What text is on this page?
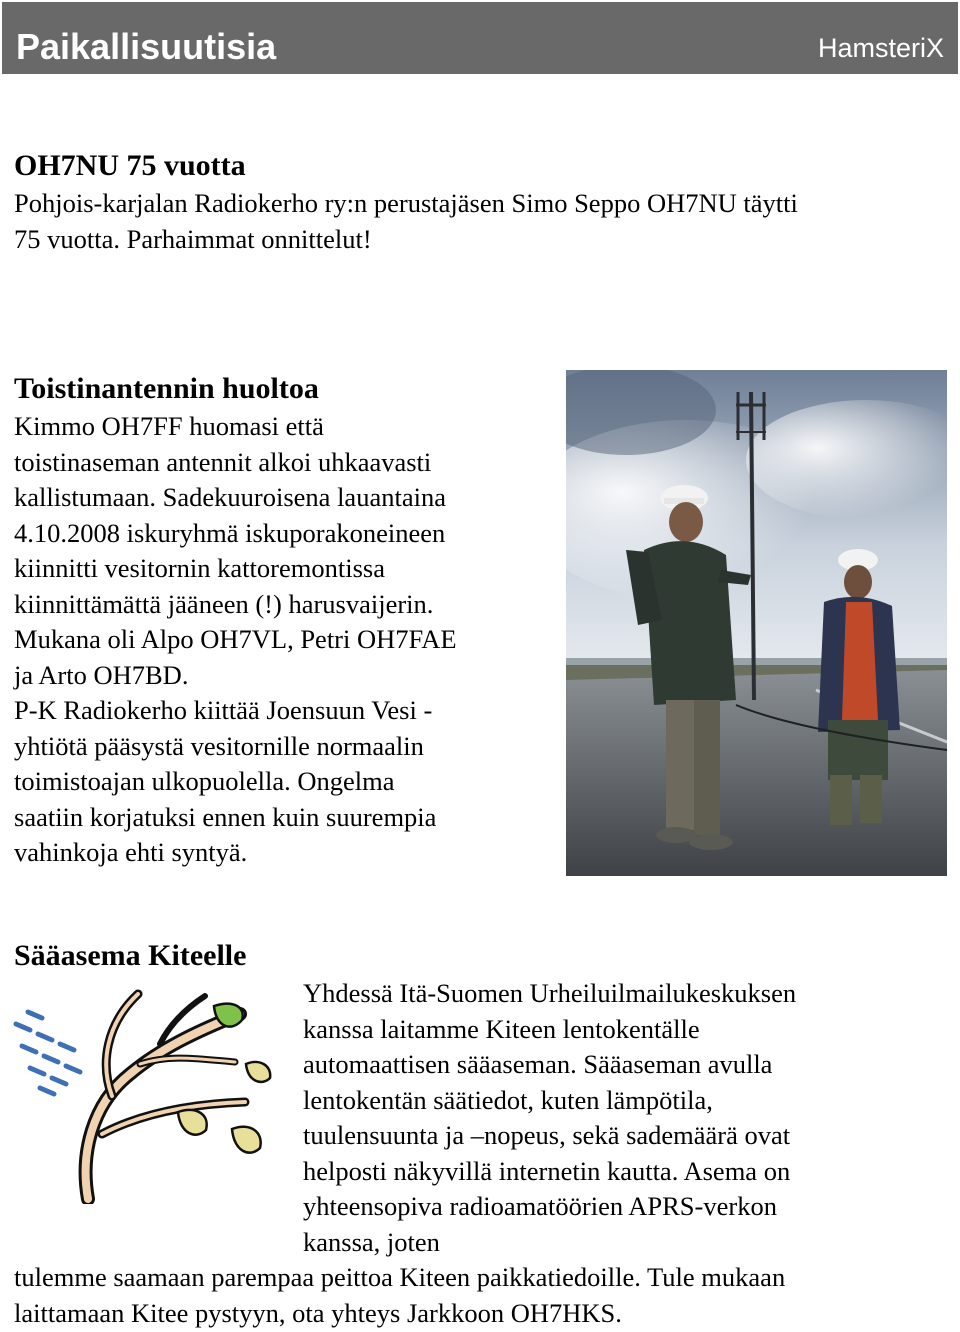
Paikallisuutisia	HamsteriX
OH7NU 75 vuotta
Pohjois-karjalan Radiokerho ry:n perustajäsen Simo Seppo OH7NU täytti
75 vuotta. Parhaimmat onnittelut!
Toistinantennin huoltoa
Kimmo OH7FF huomasi että
toistinaseman antennit alkoi uhkaavasti
kallistumaan. Sadekuuroisena lauantaina
4.10.2008 iskuryhmä iskuporakoneineen
kiinnitti vesitornin kattoremontissa
kiinnittämättä jääneen (!) harusvaijerin.
Mukana oli Alpo OH7VL, Petri OH7FAE
ja Arto OH7BD.
P-K Radiokerho kiittää Joensuun Vesi -
yhtiötä pääsystä vesitornille normaalin
toimistoajan ulkopuolella. Ongelma
saatiin korjatuksi ennen kuin suurempia
vahinkoja ehti syntyä.
Sääasema Kiteelle
Yhdessä Itä-Suomen Urheiluilmailukeskuksen
kanssa laitamme Kiteen lentokentälle
automaattisen sääaseman. Sääaseman avulla
lentokentän säätiedot, kuten lämpötila,
tuulensuunta ja –nopeus, sekä sademäärä ovat
helposti näkyvillä internetin kautta. Asema on
yhteensopiva radioamatöörien APRS-verkon
kanssa, joten
tulemme saamaan parempaa peittoa Kiteen paikkatiedoille. Tule mukaan
laittamaan Kitee pystyyn, ota yhteys Jarkkoon OH7HKS.
